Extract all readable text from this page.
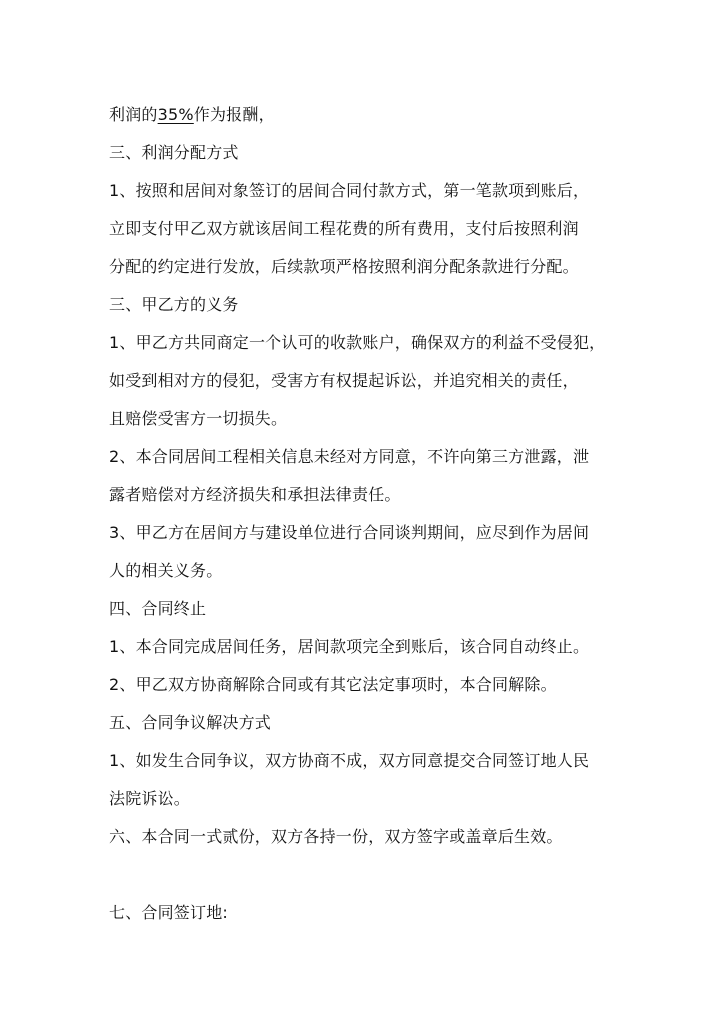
利润的35%作为报酬，
三、利润分配方式
1、按照和居间对象签订的居间合同付款方式，第一笔款项到账后，
立即支付甲乙双方就该居间工程花费的所有费用，支付后按照利润
分配的约定进行发放，后续款项严格按照利润分配条款进行分配。
三、甲乙方的义务
1、甲乙方共同商定一个认可的收款账户，确保双方的利益不受侵犯，
如受到相对方的侵犯，受害方有权提起诉讼，并追究相关的责任，
且赔偿受害方一切损失。
2、本合同居间工程相关信息未经对方同意，不许向第三方泄露，泄
露者赔偿对方经济损失和承担法律责任。
3、甲乙方在居间方与建设单位进行合同谈判期间，应尽到作为居间
人的相关义务。
四、合同终止
1、本合同完成居间任务，居间款项完全到账后，该合同自动终止。
2、甲乙双方协商解除合同或有其它法定事项时，本合同解除。
五、合同争议解决方式
1、如发生合同争议，双方协商不成，双方同意提交合同签订地人民
法院诉讼。
六、本合同一式贰份，双方各持一份，双方签字或盖章后生效。
七、合同签订地:
